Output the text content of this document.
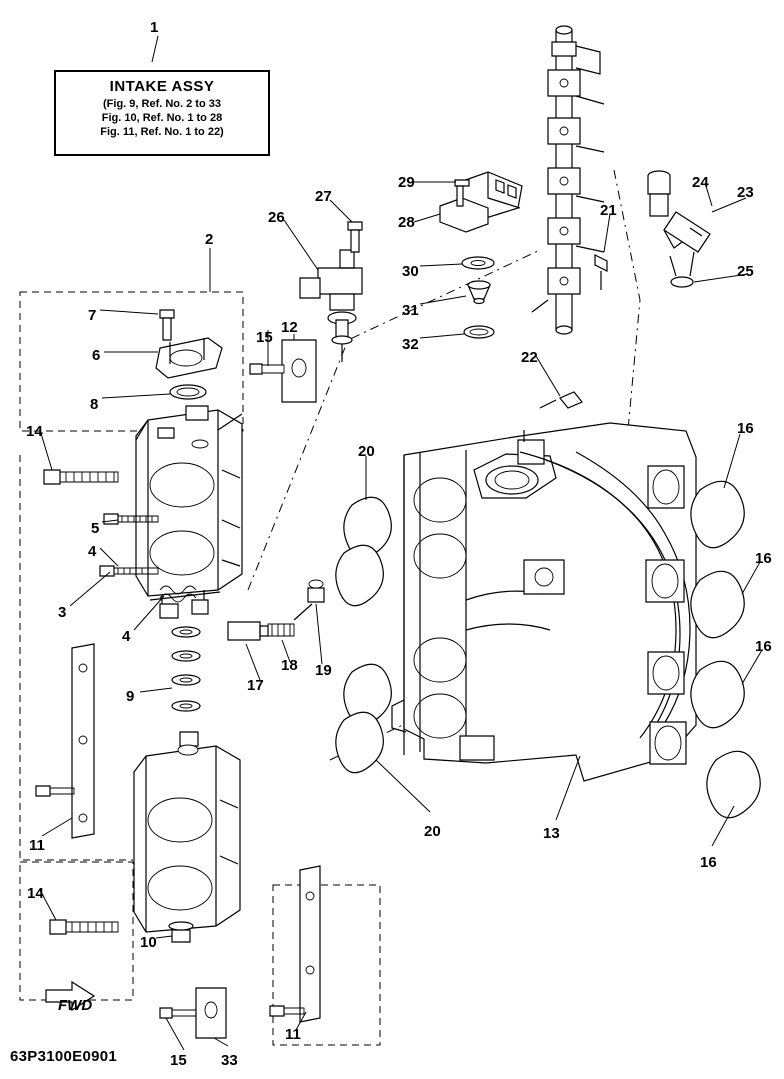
INTAKE ASSY
(Fig. 9, Ref. No. 2 to 33
Fig. 10, Ref. No. 1 to 28
Fig. 11, Ref. No. 1 to 22)
FWD
1
2
3
4
4
5
6
7
8
9
10
11
11
12
13
14
14
15
15
16
16
16
16
17
18 19
20
20
21
22
23
24
25
26
27
28
29
30
31
32
33
63P3100E0901
